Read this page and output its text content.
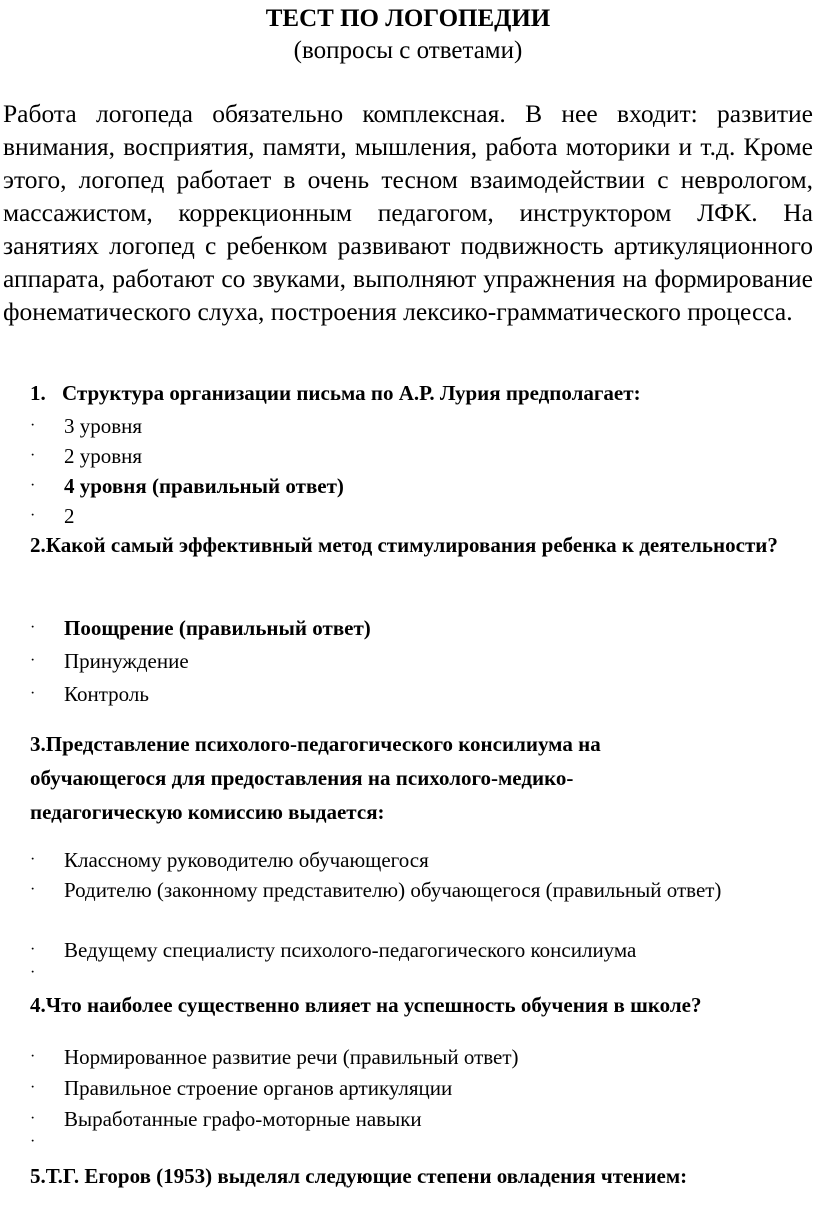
ТЕСТ ПО ЛОГОПЕДИИ
(вопросы с ответами)

Работа логопеда обязательно комплексная. В нее входит: развитие внимания, восприятия, памяти, мышления, работа моторики и т.д. Кроме этого, логопед работает в очень тесном взаимодействии с неврологом, массажистом, коррекционным педагогом, инструктором ЛФК. На занятиях логопед с ребенком развивают подвижность артикуляционного аппарата, работают со звуками, выполняют упражнения на формирование фонематического слуха, построения лексико-грамматического процесса.

1. Структура организации письма по А.Р. Лурия предполагает:
·	3 уровня
·	2 уровня
·	4 уровня (правильный ответ)
·	2
2.Какой самый эффективный метод стимулирования ребенка к деятельности?
·	Поощрение (правильный ответ)
·	Принуждение
·	Контроль
3.Представление психолого-педагогического консилиума на обучающегося для предоставления на психолого-медико-педагогическую комиссию выдается:
·	Классному руководителю обучающегося
·	Родителю (законному представителю) обучающегося (правильный ответ)
·	Ведущему специалисту психолого-педагогического консилиума
·
4.Что наиболее существенно влияет на успешность обучения в школе?
·	Нормированное развитие речи (правильный ответ)
·	Правильное строение органов артикуляции
·	Выработанные графо-моторные навыки
·
5.Т.Г. Егоров (1953) выделял следующие степени овладения чтением:
